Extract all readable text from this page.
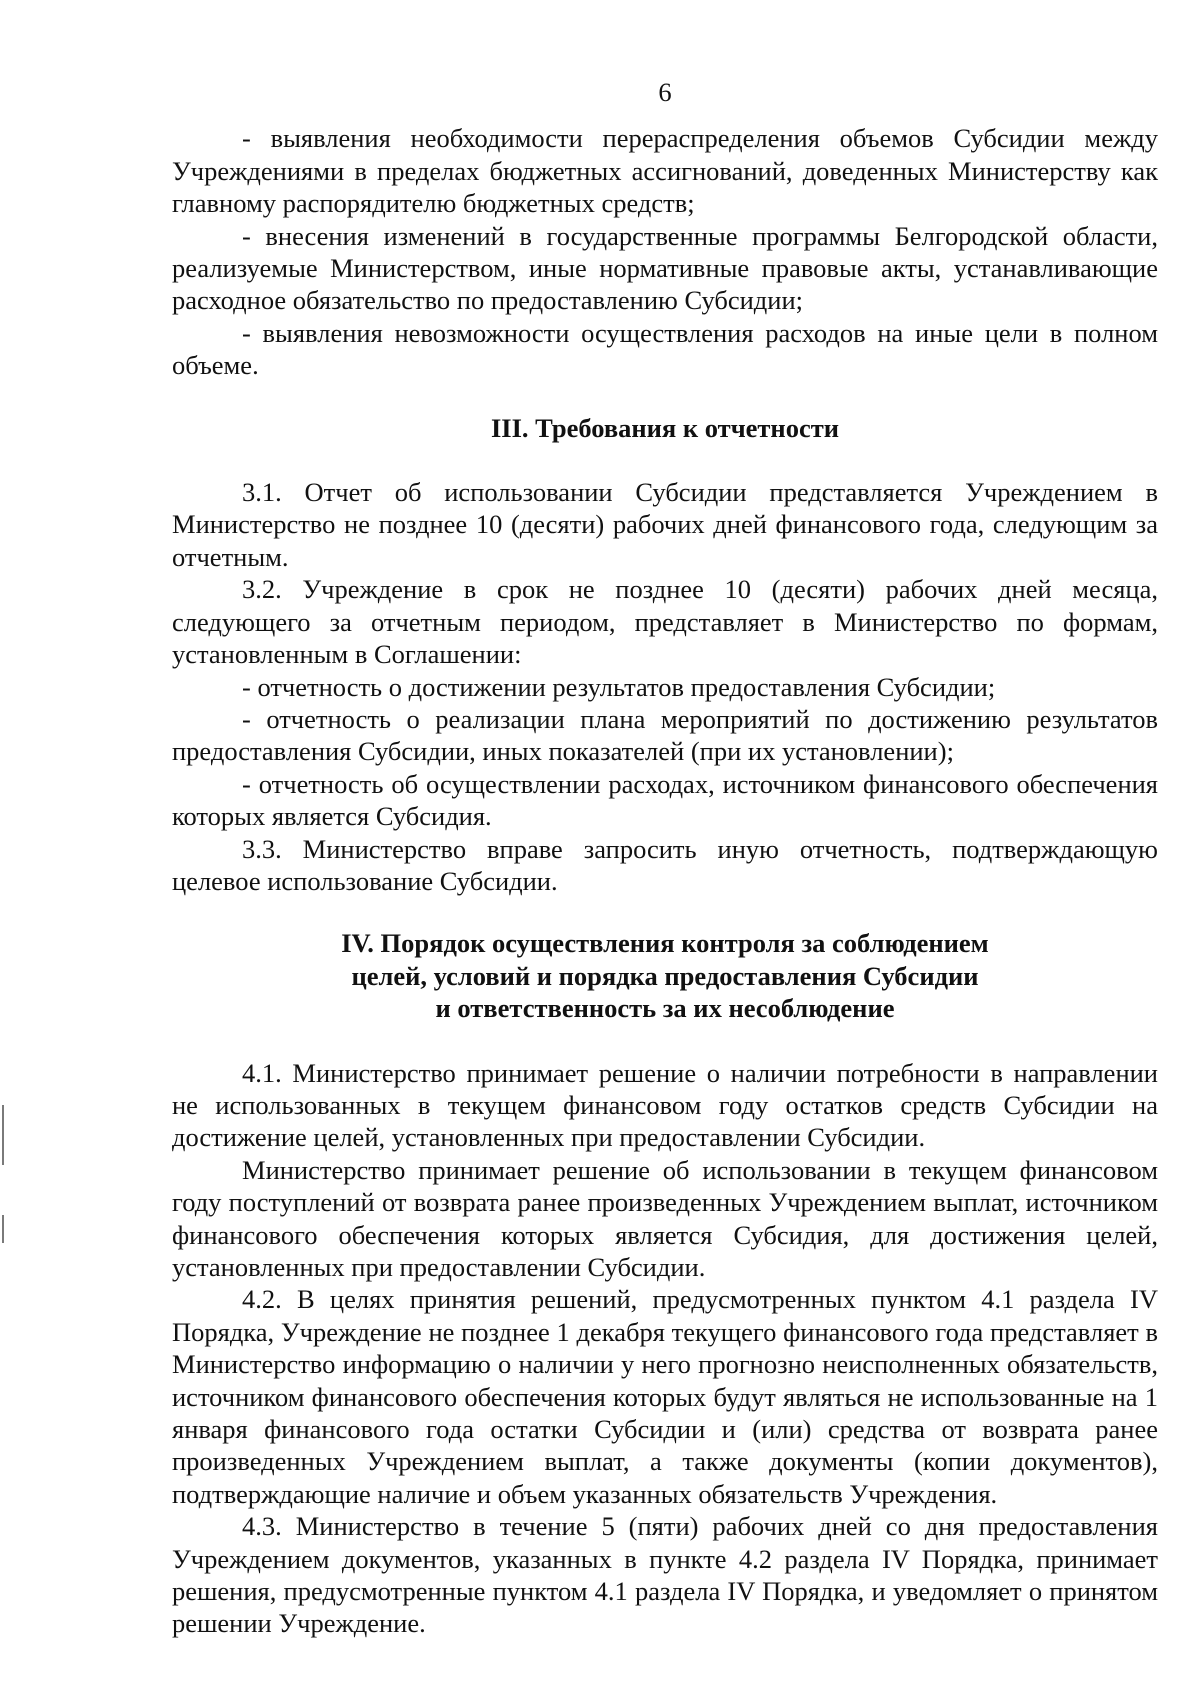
6

- выявления необходимости перераспределения объемов Субсидии между Учреждениями в пределах бюджетных ассигнований, доведенных Министерству как главному распорядителю бюджетных средств;

- внесения изменений в государственные программы Белгородской области, реализуемые Министерством, иные нормативные правовые акты, устанавливающие расходное обязательство по предоставлению Субсидии;

- выявления невозможности осуществления расходов на иные цели в полном объеме.

III. Требования к отчетности

3.1. Отчет об использовании Субсидии представляется Учреждением в Министерство не позднее 10 (десяти) рабочих дней финансового года, следующим за отчетным.

3.2. Учреждение в срок не позднее 10 (десяти) рабочих дней месяца, следующего за отчетным периодом, представляет в Министерство по формам, установленным в Соглашении:

- отчетность о достижении результатов предоставления Субсидии;

- отчетность о реализации плана мероприятий по достижению результатов предоставления Субсидии, иных показателей (при их установлении);

- отчетность об осуществлении расходах, источником финансового обеспечения которых является Субсидия.

3.3. Министерство вправе запросить иную отчетность, подтверждающую целевое использование Субсидии.

IV. Порядок осуществления контроля за соблюдением
целей, условий и порядка предоставления Субсидии
и ответственность за их несоблюдение

4.1. Министерство принимает решение о наличии потребности в направлении не использованных в текущем финансовом году остатков средств Субсидии на достижение целей, установленных при предоставлении Субсидии.

Министерство принимает решение об использовании в текущем финансовом году поступлений от возврата ранее произведенных Учреждением выплат, источником финансового обеспечения которых является Субсидия, для достижения целей, установленных при предоставлении Субсидии.

4.2. В целях принятия решений, предусмотренных пунктом 4.1 раздела IV Порядка, Учреждение не позднее 1 декабря текущего финансового года представляет в Министерство информацию о наличии у него прогнозно неисполненных обязательств, источником финансового обеспечения которых будут являться не использованные на 1 января финансового года остатки Субсидии и (или) средства от возврата ранее произведенных Учреждением выплат, а также документы (копии документов), подтверждающие наличие и объем указанных обязательств Учреждения.

4.3. Министерство в течение 5 (пяти) рабочих дней со дня предоставления Учреждением документов, указанных в пункте 4.2 раздела IV Порядка, принимает решения, предусмотренные пунктом 4.1 раздела IV Порядка, и уведомляет о принятом решении Учреждение.
